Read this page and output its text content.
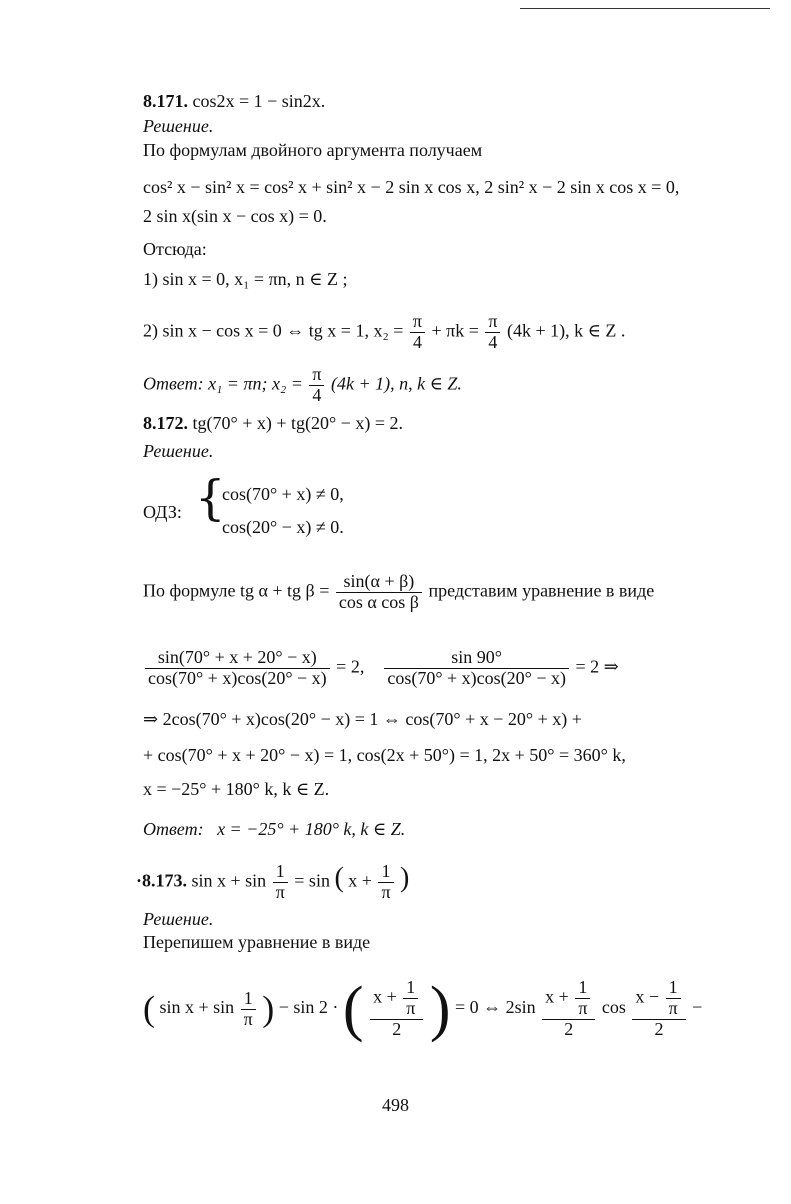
8.171. cos2x = 1 − sin2x.
Решение.
По формулам двойного аргумента получаем
cos² x − sin² x = cos² x + sin² x − 2 sin x cos x, 2 sin² x − 2 sin x cos x = 0,
2 sin x(sin x − cos x) = 0.
Отсюда:
1) sin x = 0, x₁ = πn, n ∈ Z ;
2) sin x − cos x = 0 ⇔ tg x = 1, $x_2 = \frac{\pi}{4} + \pi k = \frac{\pi}{4} (4k + 1)$, k ∈ Z .
Ответ: x₁ = πn; $x_2 = \frac{\pi}{4} (4k + 1)$, n, k ∈ Z.
8.172. tg(70° + x) + tg(20° − x) = 2.
Решение.
ОДЗ: {
cos(70° + x) ≠ 0,
cos(20° − x) ≠ 0.
По формуле tg α + tg $\beta = \frac{\sin(\alpha + \beta)}{\text{cos α cos β}}$ представим уравнение в виде
$\frac{\sin(70^\circ + x + 20^\circ - x)}{\cos(70^\circ + x)\cos(20^\circ - x)} = 2$, $\frac{\sin 90^\circ}{\cos(70^\circ + x)\cos(20^\circ - x)} = 2$ ⇒
⇒ 2cos(70° + x)cos(20° − x) = 1 ⇔ cos(70° + x − 20° + x) +
+ cos(70° + x + 20° − x) = 1, cos(2x + 50°) = 1, 2x + 50° = 360° k,
x = −25° + 180° k, k ∈ Z.
Ответ: x = −25° + 180° k, k ∈ Z.
·8.173. $\sin x + \sin \frac{1}{\pi} = \sin$ ( $x + \frac{1}{\pi}$ )
Решение.
Перепишем уравнение в виде
( $\sin x + \sin \frac{1}{\pi}$ ) − sin 2 · ( $\frac{x + \frac{1}{\pi}}{2}$ ) = 0 ⇔ $2\sin \frac{x + \frac{1}{\pi}}{2}$ $\cos \frac{x - \frac{1}{\pi}}{2}$ −
498
